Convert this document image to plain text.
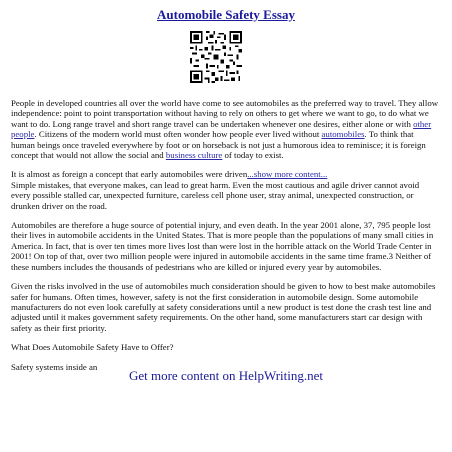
Automobile Safety Essay

People in developed countries all over the world have come to see automobiles as the preferred way to travel. They allow independence: point to point transportation without having to rely on others to get where we want to go, to do what we want to do. Long range travel and short range travel can be undertaken whenever one desires, either alone or with other people. Citizens of the modern world must often wonder how people ever lived without automobiles. To think that human beings once traveled everywhere by foot or on horseback is not just a humorous idea to reminisce; it is foreign concept that would not allow the social and business culture of today to exist.

It is almost as foreign a concept that early automobiles were driven...show more content...
Simple mistakes, that everyone makes, can lead to great harm. Even the most cautious and agile driver cannot avoid every possible stalled car, unexpected furniture, careless cell phone user, stray animal, unexpected construction, or drunken driver on the road.

Automobiles are therefore a huge source of potential injury, and even death. In the year 2001 alone, 37, 795 people lost their lives in automobile accidents in the United States. That is more people than the populations of many small cities in America. In fact, that is over ten times more lives lost than were lost in the horrible attack on the World Trade Center in 2001! On top of that, over two million people were injured in automobile accidents in the same time frame.3 Neither of these numbers includes the thousands of pedestrians who are killed or injured every year by automobiles.

Given the risks involved in the use of automobiles much consideration should be given to how to best make automobiles safer for humans. Often times, however, safety is not the first consideration in automobile design. Some automobile manufacturers do not even look carefully at safety considerations until a new product is test done the crash test line and adjusted until it makes government safety requirements. On the other hand, some manufacturers start car design with safety as their first priority.

What Does Automobile Safety Have to Offer?

Safety systems inside an

Get more content on HelpWriting.net
